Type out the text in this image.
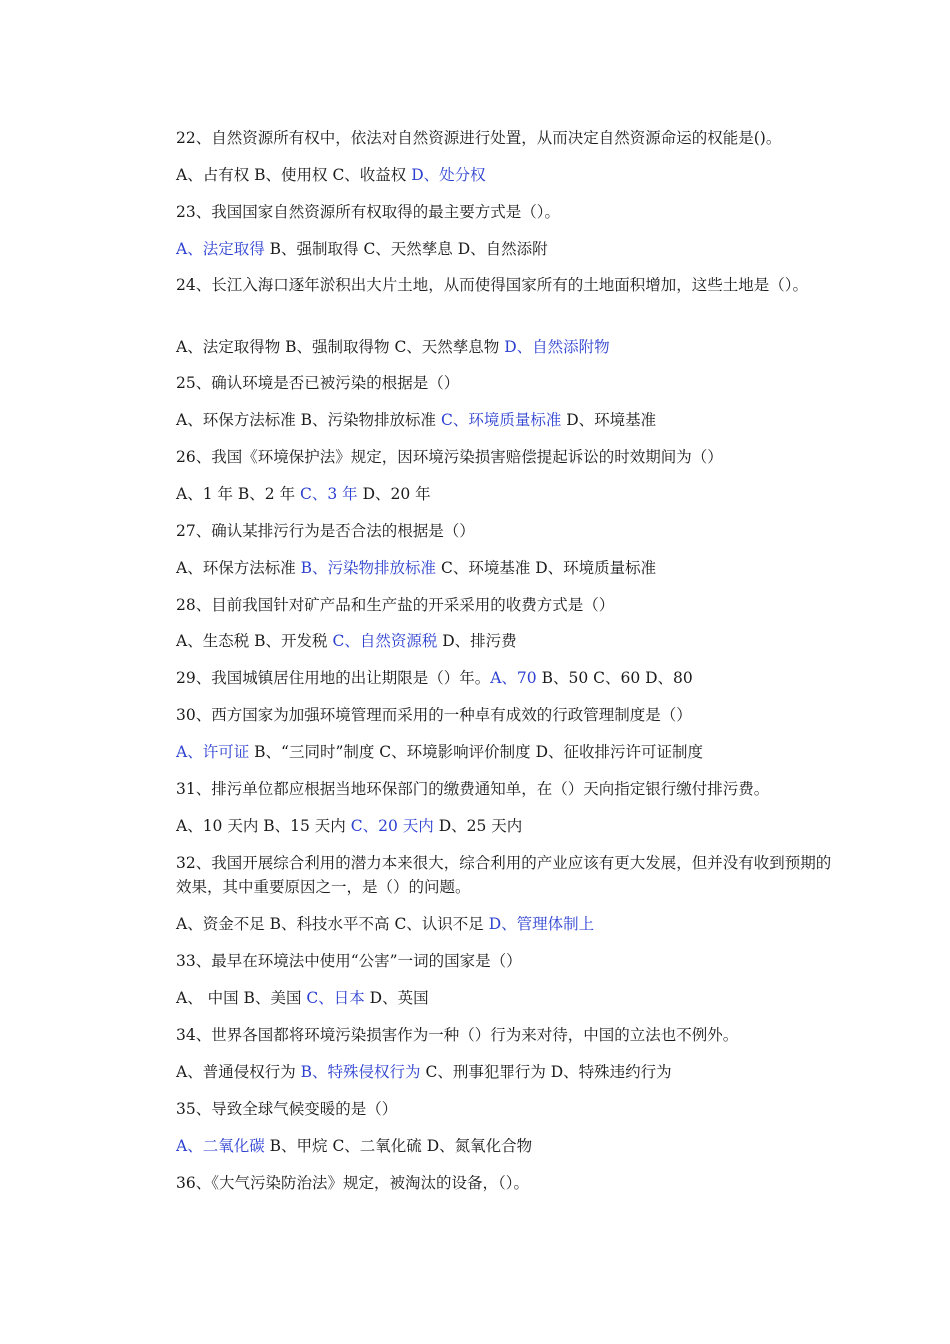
22、自然资源所有权中，依法对自然资源进行处置，从而决定自然资源命运的权能是()。
A、占有权 B、使用权 C、收益权 D、处分权
23、我国国家自然资源所有权取得的最主要方式是（）。
A、法定取得 B、强制取得 C、天然孳息 D、自然添附
24、长江入海口逐年淤积出大片土地，从而使得国家所有的土地面积增加，这些土地是（）。
A、法定取得物 B、强制取得物 C、天然孳息物 D、自然添附物
25、确认环境是否已被污染的根据是（）
A、环保方法标准 B、污染物排放标准 C、环境质量标准 D、环境基准
26、我国《环境保护法》规定，因环境污染损害赔偿提起诉讼的时效期间为（）
A、1 年 B、2 年 C、3 年 D、20 年
27、确认某排污行为是否合法的根据是（）
A、环保方法标准 B、污染物排放标准 C、环境基准 D、环境质量标准
28、目前我国针对矿产品和生产盐的开采采用的收费方式是（）
A、生态税 B、开发税 C、自然资源税 D、排污费
29、我国城镇居住用地的出让期限是（）年。A、70 B、50 C、60 D、80
30、西方国家为加强环境管理而采用的一种卓有成效的行政管理制度是（）
A、许可证 B、“三同时”制度 C、环境影响评价制度 D、征收排污许可证制度
31、排污单位都应根据当地环保部门的缴费通知单，在（）天向指定银行缴付排污费。
A、10 天内 B、15 天内 C、20 天内 D、25 天内
32、我国开展综合利用的潜力本来很大，综合利用的产业应该有更大发展，但并没有收到预期的效果，其中重要原因之一，是（）的问题。
A、资金不足 B、科技水平不高 C、认识不足 D、管理体制上
33、最早在环境法中使用“公害”一词的国家是（）
A、 中国 B、美国 C、日本 D、英国
34、世界各国都将环境污染损害作为一种（）行为来对待，中国的立法也不例外。
A、普通侵权行为 B、特殊侵权行为 C、刑事犯罪行为 D、特殊违约行为
35、导致全球气候变暖的是（）
A、二氧化碳 B、甲烷 C、二氧化硫 D、氮氧化合物
36、《大气污染防治法》规定，被淘汰的设备，（）。
